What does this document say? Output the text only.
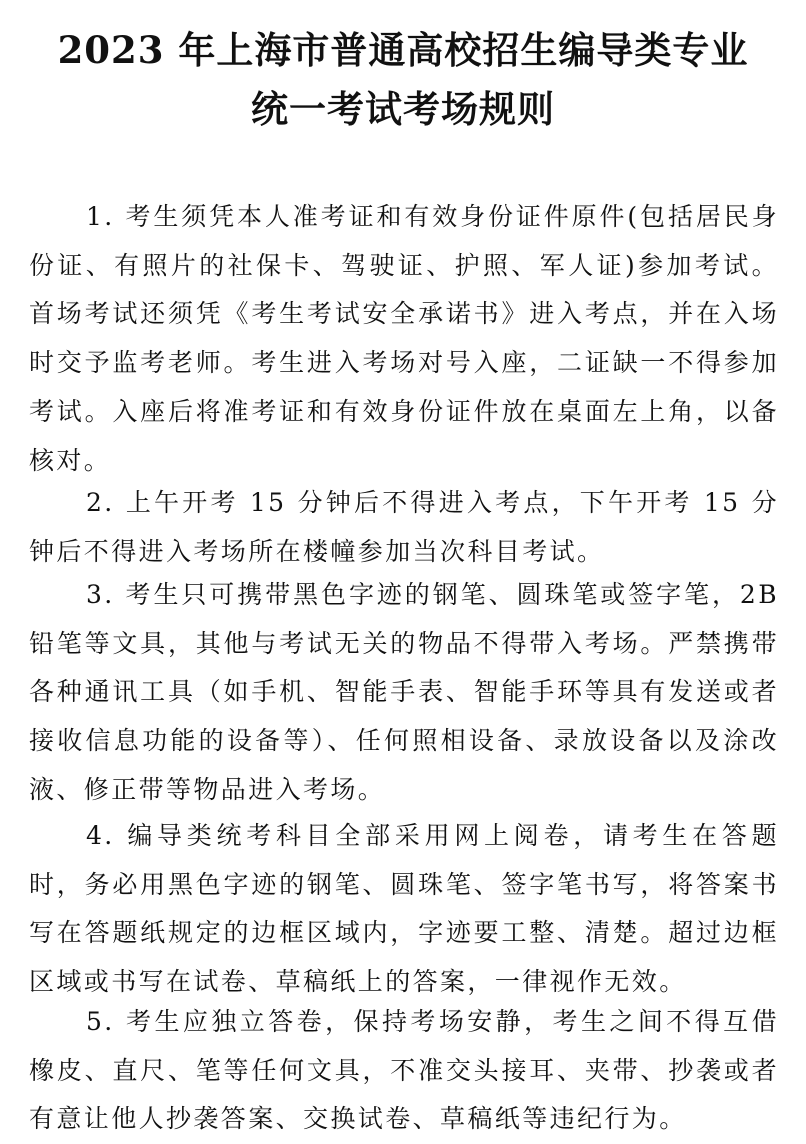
2023 年上海市普通高校招生编导类专业
统一考试考场规则

1. 考生须凭本人准考证和有效身份证件原件(包括居民身份证、有照片的社保卡、驾驶证、护照、军人证)参加考试。首场考试还须凭《考生考试安全承诺书》进入考点，并在入场时交予监考老师。考生进入考场对号入座，二证缺一不得参加考试。入座后将准考证和有效身份证件放在桌面左上角，以备核对。

2. 上午开考 15 分钟后不得进入考点，下午开考 15 分钟后不得进入考场所在楼幢参加当次科目考试。

3. 考生只可携带黑色字迹的钢笔、圆珠笔或签字笔，2B 铅笔等文具，其他与考试无关的物品不得带入考场。严禁携带各种通讯工具（如手机、智能手表、智能手环等具有发送或者接收信息功能的设备等）、任何照相设备、录放设备以及涂改液、修正带等物品进入考场。

4. 编导类统考科目全部采用网上阅卷，请考生在答题时，务必用黑色字迹的钢笔、圆珠笔、签字笔书写，将答案书写在答题纸规定的边框区域内，字迹要工整、清楚。超过边框区域或书写在试卷、草稿纸上的答案，一律视作无效。

5. 考生应独立答卷，保持考场安静，考生之间不得互借橡皮、直尺、笔等任何文具，不准交头接耳、夹带、抄袭或者有意让他人抄袭答案、交换试卷、草稿纸等违纪行为。
